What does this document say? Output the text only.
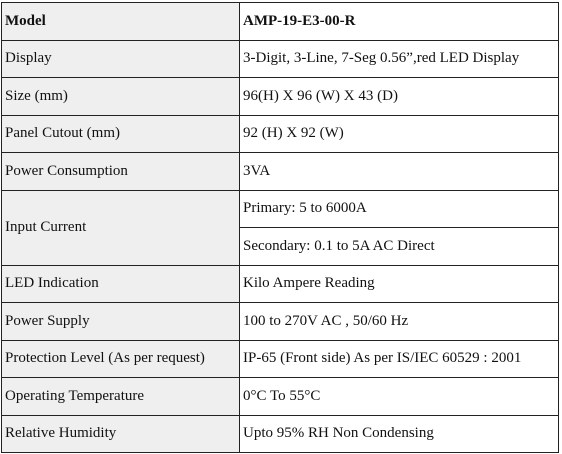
Model	AMP-19-E3-00-R
Display	3-Digit, 3-Line, 7-Seg 0.56”,red LED Display
Size (mm)	96(H) X 96 (W) X 43 (D)
Panel Cutout (mm)	92 (H) X 92 (W)
Power Consumption	3VA
Input Current	Primary: 5 to 6000A
	Secondary: 0.1 to 5A AC Direct
LED Indication	Kilo Ampere Reading
Power Supply	100 to 270V AC , 50/60 Hz
Protection Level (As per request)	IP-65 (Front side) As per IS/IEC 60529 : 2001
Operating Temperature	0°C To 55°C
Relative Humidity	Upto 95% RH Non Condensing
